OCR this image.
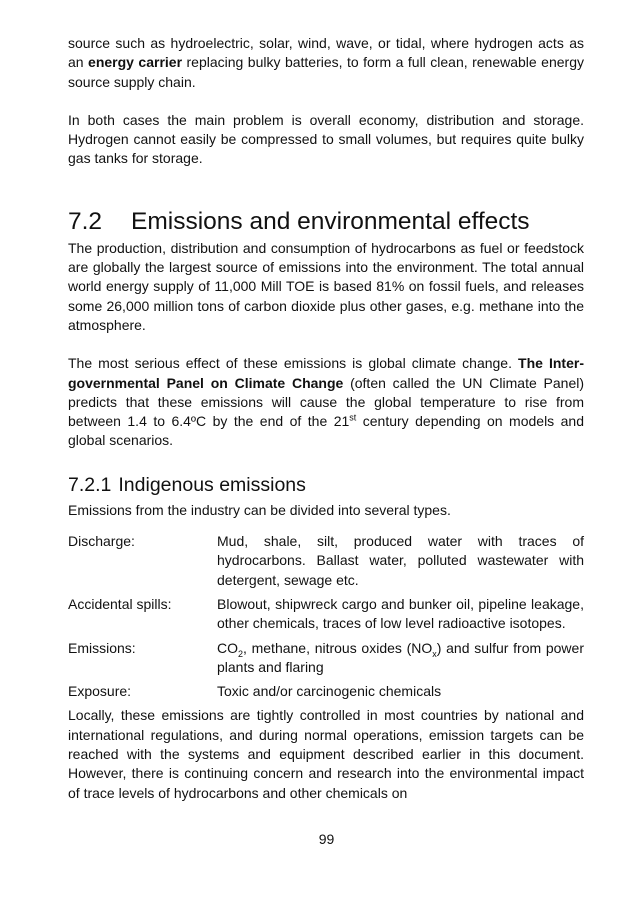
source such as hydroelectric, solar, wind, wave, or tidal, where hydrogen acts as an energy carrier replacing bulky batteries, to form a full clean, renewable energy source supply chain.

In both cases the main problem is overall economy, distribution and storage. Hydrogen cannot easily be compressed to small volumes, but requires quite bulky gas tanks for storage.

7.2	Emissions and environmental effects

The production, distribution and consumption of hydrocarbons as fuel or feedstock are globally the largest source of emissions into the environment. The total annual world energy supply of 11,000 Mill TOE is based 81% on fossil fuels, and releases some 26,000 million tons of carbon dioxide plus other gases, e.g. methane into the atmosphere.

The most serious effect of these emissions is global climate change. The Inter-governmental Panel on Climate Change (often called the UN Climate Panel) predicts that these emissions will cause the global temperature to rise from between 1.4 to 6.4ºC by the end of the 21st century depending on models and global scenarios.

7.2.1 Indigenous emissions

Emissions from the industry can be divided into several types.

Discharge:	Mud, shale, silt, produced water with traces of hydrocarbons. Ballast water, polluted wastewater with detergent, sewage etc.
Accidental spills:	Blowout, shipwreck cargo and bunker oil, pipeline leakage, other chemicals, traces of low level radioactive isotopes.
Emissions:	$CO_2$, methane, nitrous oxides $(NO_x)$ and sulfur from power plants and flaring
Exposure:	Toxic and/or carcinogenic chemicals

Locally, these emissions are tightly controlled in most countries by national and international regulations, and during normal operations, emission targets can be reached with the systems and equipment described earlier in this document. However, there is continuing concern and research into the environmental impact of trace levels of hydrocarbons and other chemicals on

99
